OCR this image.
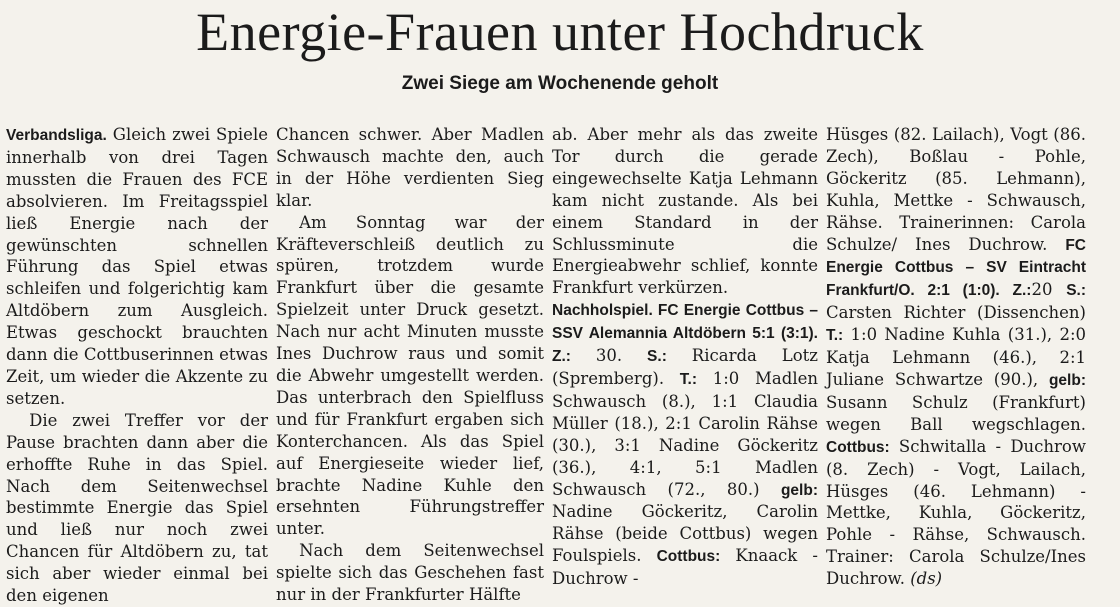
Energie-Frauen unter Hochdruck
Zwei Siege am Wochenende geholt

Verbandsliga. Gleich zwei Spiele innerhalb von drei Tagen mussten die Frauen des FCE absolvieren. Im Freitagsspiel ließ Energie nach der gewünschten schnellen Führung das Spiel etwas schleifen und folgerichtig kam Altdöbern zum Ausgleich. Etwas geschockt brauchten dann die Cottbuserinnen etwas Zeit, um wieder die Akzente zu setzen.

Die zwei Treffer vor der Pause brachten dann aber die erhoffte Ruhe in das Spiel. Nach dem Seitenwechsel bestimmte Energie das Spiel und ließ nur noch zwei Chancen für Altdöbern zu, tat sich aber wieder einmal bei den eigenen

Chancen schwer. Aber Madlen Schwausch machte den, auch in der Höhe verdienten Sieg klar.

Am Sonntag war der Kräfteverschleiß deutlich zu spüren, trotzdem wurde Frankfurt über die gesamte Spielzeit unter Druck gesetzt. Nach nur acht Minuten musste Ines Duchrow raus und somit die Abwehr umgestellt werden. Das unterbrach den Spielfluss und für Frankfurt ergaben sich Konterchancen. Als das Spiel auf Energieseite wieder lief, brachte Nadine Kuhle den ersehnten Führungstreffer unter.

Nach dem Seitenwechsel spielte sich das Geschehen fast nur in der Frankfurter Hälfte

ab. Aber mehr als das zweite Tor durch die gerade eingewechselte Katja Lehmann kam nicht zustande. Als bei einem Standard in der Schlussminute die Energieabwehr schlief, konnte Frankfurt verkürzen.

Nachholspiel. FC Energie Cottbus – SSV Alemannia Altdöbern 5:1 (3:1). Z.: 30. S.: Ricarda Lotz (Spremberg). T.: 1:0 Madlen Schwausch (8.), 1:1 Claudia Müller (18.), 2:1 Carolin Rähse (30.), 3:1 Nadine Göckeritz (36.), 4:1, 5:1 Madlen Schwausch (72., 80.) gelb: Nadine Göckeritz, Carolin Rähse (beide Cottbus) wegen Foulspiels. Cottbus: Knaack - Duchrow -

Hüsges (82. Lailach), Vogt (86. Zech), Boßlau - Pohle, Göckeritz (85. Lehmann), Kuhla, Mettke - Schwausch, Rähse. Trainerinnen: Carola Schulze/ Ines Duchrow. FC Energie Cottbus – SV Eintracht Frankfurt/O. 2:1 (1:0). Z.:20 S.: Carsten Richter (Dissenchen) T.: 1:0 Nadine Kuhla (31.), 2:0 Katja Lehmann (46.), 2:1 Juliane Schwartze (90.), gelb: Susann Schulz (Frankfurt) wegen Ball wegschlagen. Cottbus: Schwitalla - Duchrow (8. Zech) - Vogt, Lailach, Hüsges (46. Lehmann) - Mettke, Kuhla, Göckeritz, Pohle - Rähse, Schwausch. Trainer: Carola Schulze/Ines Duchrow. (ds)
